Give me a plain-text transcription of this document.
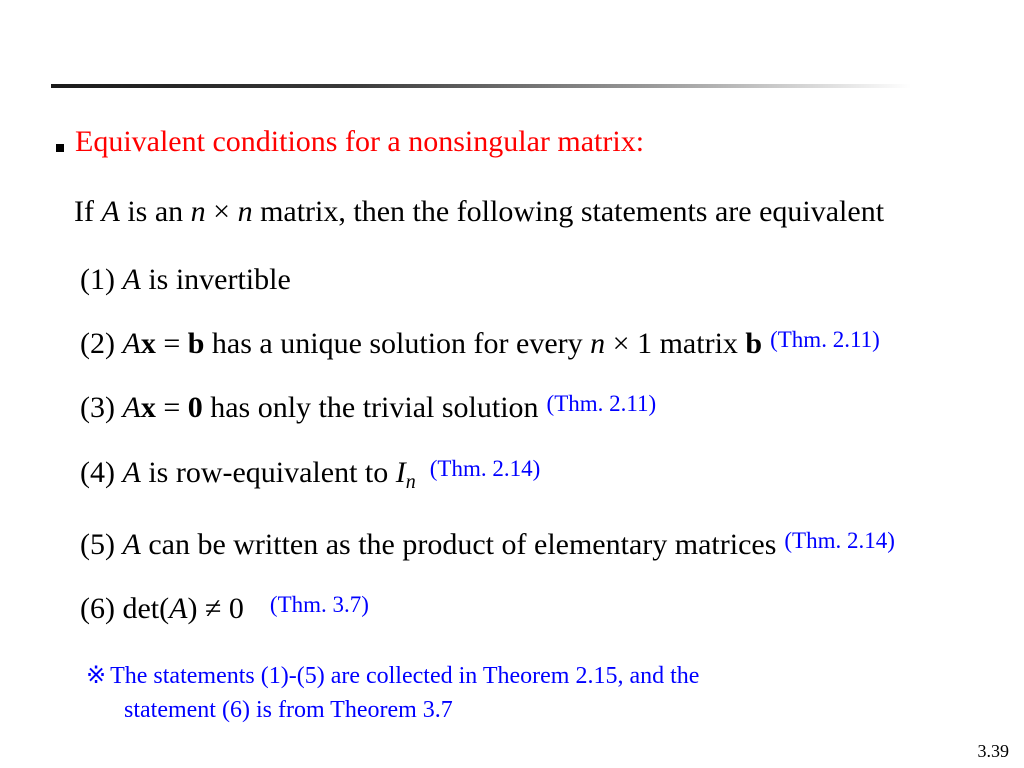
Equivalent conditions for a nonsingular matrix:
If A is an n × n matrix, then the following statements are equivalent
(1) A is invertible
(2) Ax = b has a unique solution for every n × 1 matrix b $^{(Thm. 2.11)}$
(3) Ax = 0 has only the trivial solution $^{(Thm. 2.11)}$
(4) A is row-equivalent to $I_n^{(Thm. 2.14)}$
(5) A can be written as the product of elementary matrices $^{(Thm. 2.14)}$
(6) det(A) ≠ 0 $^{(Thm. 3.7)}$
※ The statements (1)-(5) are collected in Theorem 2.15, and the
statement (6) is from Theorem 3.7
3.39
